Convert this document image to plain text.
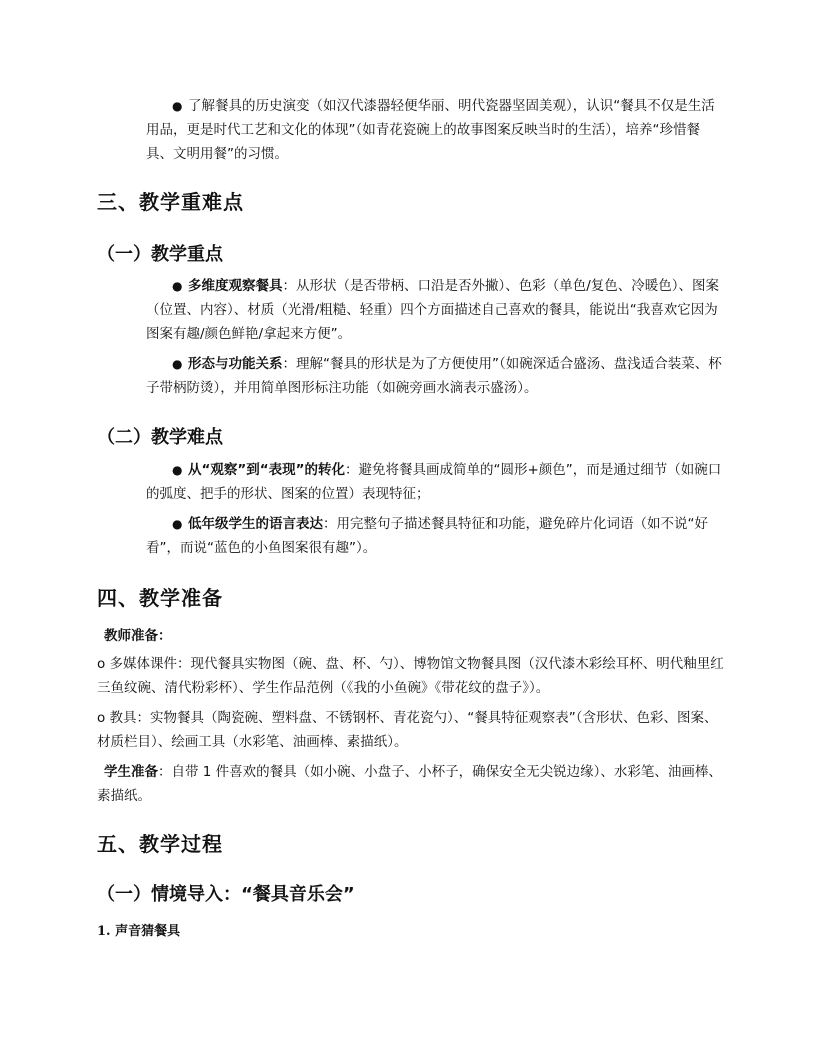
● 了解餐具的历史演变（如汉代漆器轻便华丽、明代瓷器坚固美观），认识“餐具不仅是生活用品，更是时代工艺和文化的体现”（如青花瓷碗上的故事图案反映当时的生活），培养“珍惜餐具、文明用餐”的习惯。
三、教学重难点
（一）教学重点
● 多维度观察餐具：从形状（是否带柄、口沿是否外撇）、色彩（单色/复色、冷暖色）、图案（位置、内容）、材质（光滑/粗糙、轻重）四个方面描述自己喜欢的餐具，能说出“我喜欢它因为图案有趣/颜色鲜艳/拿起来方便”。
● 形态与功能关系：理解“餐具的形状是为了方便使用”（如碗深适合盛汤、盘浅适合装菜、杯子带柄防烫），并用简单图形标注功能（如碗旁画水滴表示盛汤）。
（二）教学难点
● 从“观察”到“表现”的转化：避免将餐具画成简单的“圆形+颜色”，而是通过细节（如碗口的弧度、把手的形状、图案的位置）表现特征；
● 低年级学生的语言表达：用完整句子描述餐具特征和功能，避免碎片化词语（如不说“好看”，而说“蓝色的小鱼图案很有趣”）。
四、教学准备
教师准备：
o 多媒体课件：现代餐具实物图（碗、盘、杯、勺）、博物馆文物餐具图（汉代漆木彩绘耳杯、明代釉里红三鱼纹碗、清代粉彩杯）、学生作品范例（《我的小鱼碗》《带花纹的盘子》）。
o 教具：实物餐具（陶瓷碗、塑料盘、不锈钢杯、青花瓷勺）、“餐具特征观察表”（含形状、色彩、图案、材质栏目）、绘画工具（水彩笔、油画棒、素描纸）。
学生准备：自带 1 件喜欢的餐具（如小碗、小盘子、小杯子，确保安全无尖锐边缘）、水彩笔、油画棒、素描纸。
五、教学过程
（一）情境导入：“餐具音乐会”
1. 声音猜餐具
